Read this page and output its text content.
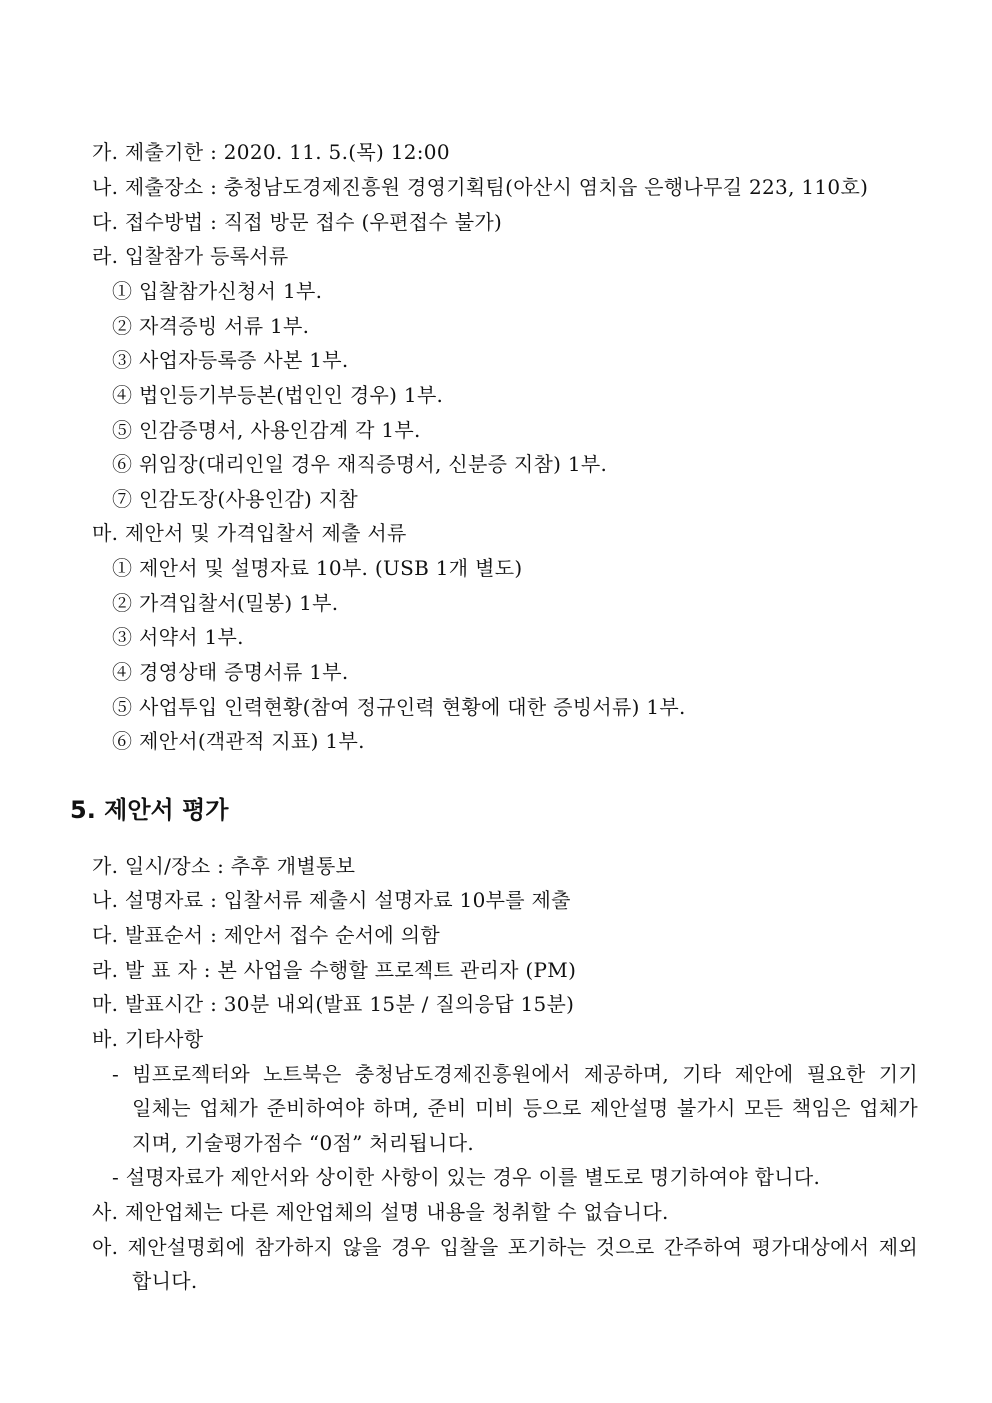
가. 제출기한 : 2020. 11. 5.(목) 12:00
나. 제출장소 : 충청남도경제진흥원 경영기획팀(아산시 염치읍 은행나무길 223, 110호)
다. 접수방법 : 직접 방문 접수 (우편접수 불가)
라. 입찰참가 등록서류
① 입찰참가신청서 1부.
② 자격증빙 서류 1부.
③ 사업자등록증 사본 1부.
④ 법인등기부등본(법인인 경우) 1부.
⑤ 인감증명서, 사용인감계 각 1부.
⑥ 위임장(대리인일 경우 재직증명서, 신분증 지참) 1부.
⑦ 인감도장(사용인감) 지참
마. 제안서 및 가격입찰서 제출 서류
① 제안서 및 설명자료 10부. (USB 1개 별도)
② 가격입찰서(밀봉) 1부.
③ 서약서 1부.
④ 경영상태 증명서류 1부.
⑤ 사업투입 인력현황(참여 정규인력 현황에 대한 증빙서류) 1부.
⑥ 제안서(객관적 지표) 1부.
5. 제안서 평가
가. 일시/장소 : 추후 개별통보
나. 설명자료 : 입찰서류 제출시 설명자료 10부를 제출
다. 발표순서 : 제안서 접수 순서에 의함
라. 발 표 자 : 본 사업을 수행할 프로젝트 관리자 (PM)
마. 발표시간 : 30분 내외(발표 15분 / 질의응답 15분)
바. 기타사항
- 빔프로젝터와 노트북은 충청남도경제진흥원에서 제공하며, 기타 제안에 필요한 기기
일체는 업체가 준비하여야 하며, 준비 미비 등으로 제안설명 불가시 모든 책임은 업체가
지며, 기술평가점수 “0점” 처리됩니다.
- 설명자료가 제안서와 상이한 사항이 있는 경우 이를 별도로 명기하여야 합니다.
사. 제안업체는 다른 제안업체의 설명 내용을 청취할 수 없습니다.
아. 제안설명회에 참가하지 않을 경우 입찰을 포기하는 것으로 간주하여 평가대상에서 제외
합니다.
